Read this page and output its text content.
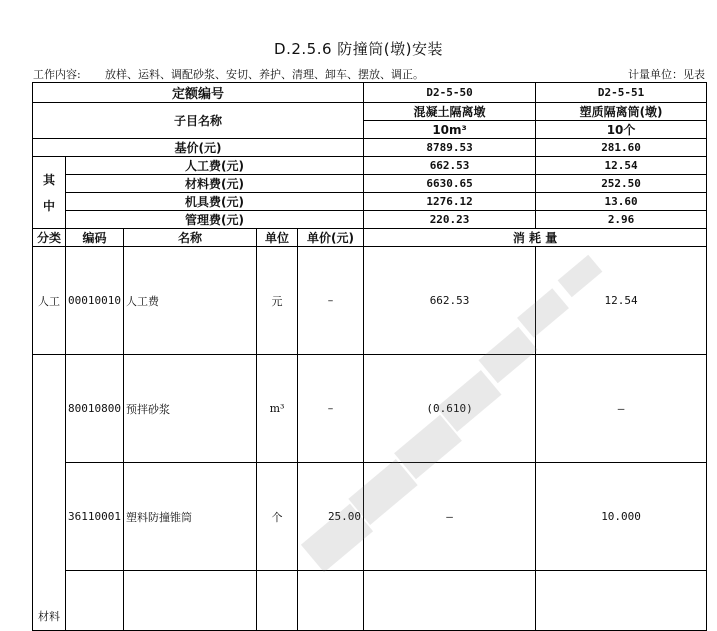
D.2.5.6 防撞筒(墩)安装
工作内容: 放样、运料、调配砂浆、安切、养护、清理、卸车、摆放、调正。	计量单位：见表
定额编号					D2-5-50	D2-5-51
子目名称					混凝土隔离墩	塑质隔离筒(墩)
					10m³	10个
基价(元)					8789.53	281.60
其
中	人工费(元)				662.53	12.54
	材料费(元)				6630.65	252.50
	机具费(元)				1276.12	13.60
	管理费(元)				220.23	2.96
分类	编码	名称	单位	单价(元)	消 耗 量	
人工	00010010	人工费	元	–	662.53	12.54
材料	80010800	预拌砂浆	m³	–	(0.610)	–
	36110001	塑料防撞锥筒	个	25.00	–	10.000
